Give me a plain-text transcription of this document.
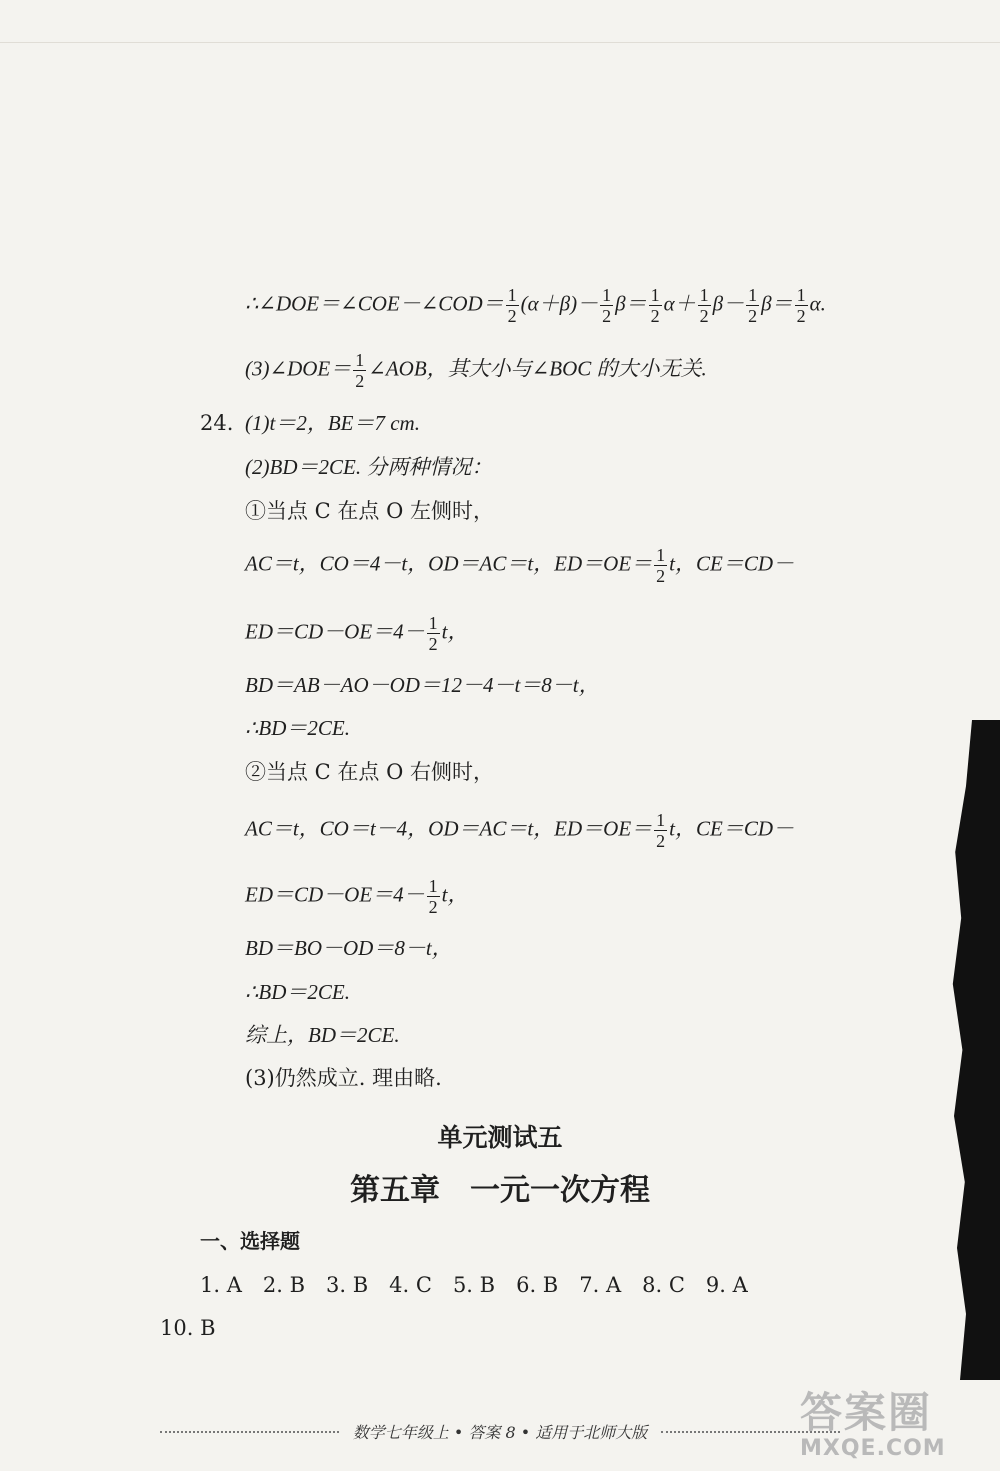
∴∠DOE＝∠COE－∠COD＝ $\frac{1}{2} (\alpha+\beta)- \frac{1}{2} \beta= \frac{1}{2} \alpha+ \frac{1}{2} \beta- \frac{1}{2} \beta= \frac{1}{2} \alpha$.
(3)∠DOE＝ $\frac{1}{2}$ ∠AOB，其大小与∠BOC 的大小无关.
24. (1)t＝2，BE＝7 cm.
(2)BD＝2CE. 分两种情况：
①当点 C 在点 O 左侧时，
AC＝t，CO＝4－t，OD＝AC＝t，$ED=OE= \frac{1}{2}$ t，CE＝CD－
$ED=CD-OE=4- \frac{1}{2}$ t，
BD＝AB－AO－OD＝12－4－t＝8－t，
∴BD＝2CE.
②当点 C 在点 O 右侧时，
AC＝t，CO＝t－4，OD＝AC＝t，$ED=OE= \frac{1}{2}$ t，CE＝CD－
$ED=CD-OE=4- \frac{1}{2}$ t，
BD＝BO－OD＝8－t，
∴BD＝2CE.
综上，BD＝2CE.
(3)仍然成立. 理由略.
单元测试五
第五章　一元一次方程
一、选择题
1. A　2. B　3. B　4. C　5. B　6. B　7. A　8. C　9. A
10. B
数学七年级上 • 答案 8 • 适用于北师大版	答案圈
MXQE.COM
